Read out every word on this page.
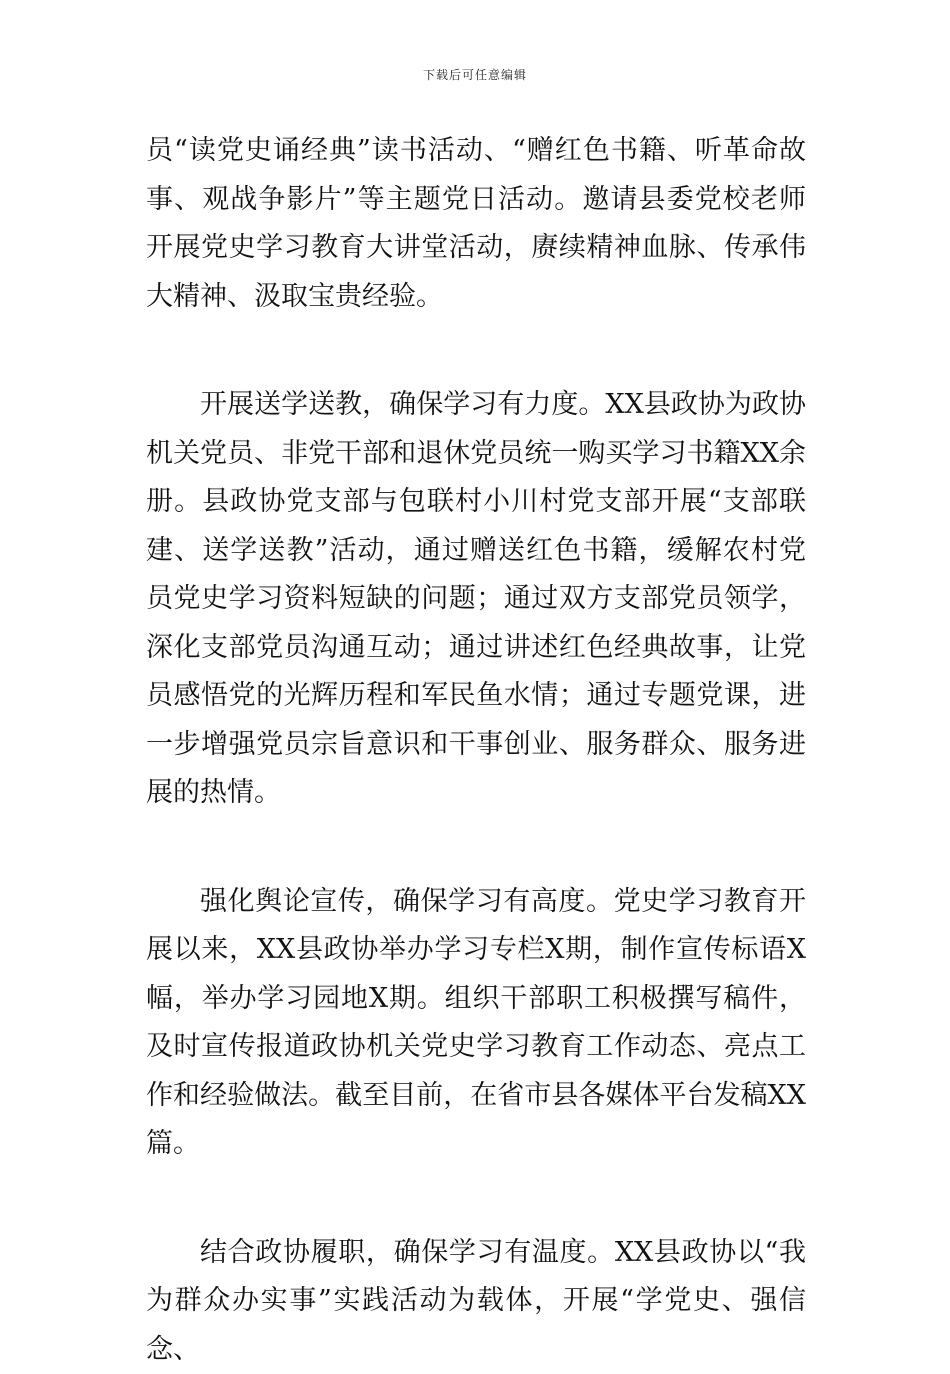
下载后可任意编辑

员“读党史诵经典”读书活动、“赠红色书籍、听革命故事、观战争影片”等主题党日活动。邀请县委党校老师开展党史学习教育大讲堂活动，赓续精神血脉、传承伟大精神、汲取宝贵经验。

开展送学送教，确保学习有力度。XX县政协为政协机关党员、非党干部和退休党员统一购买学习书籍XX余册。县政协党支部与包联村小川村党支部开展“支部联建、送学送教”活动，通过赠送红色书籍，缓解农村党员党史学习资料短缺的问题；通过双方支部党员领学，深化支部党员沟通互动；通过讲述红色经典故事，让党员感悟党的光辉历程和军民鱼水情；通过专题党课，进一步增强党员宗旨意识和干事创业、服务群众、服务进展的热情。

强化舆论宣传，确保学习有高度。党史学习教育开展以来，XX县政协举办学习专栏X期，制作宣传标语X幅，举办学习园地X期。组织干部职工积极撰写稿件，及时宣传报道政协机关党史学习教育工作动态、亮点工作和经验做法。截至目前，在省市县各媒体平台发稿XX篇。

结合政协履职，确保学习有温度。XX县政协以“我为群众办实事”实践活动为载体，开展“学党史、强信念、
